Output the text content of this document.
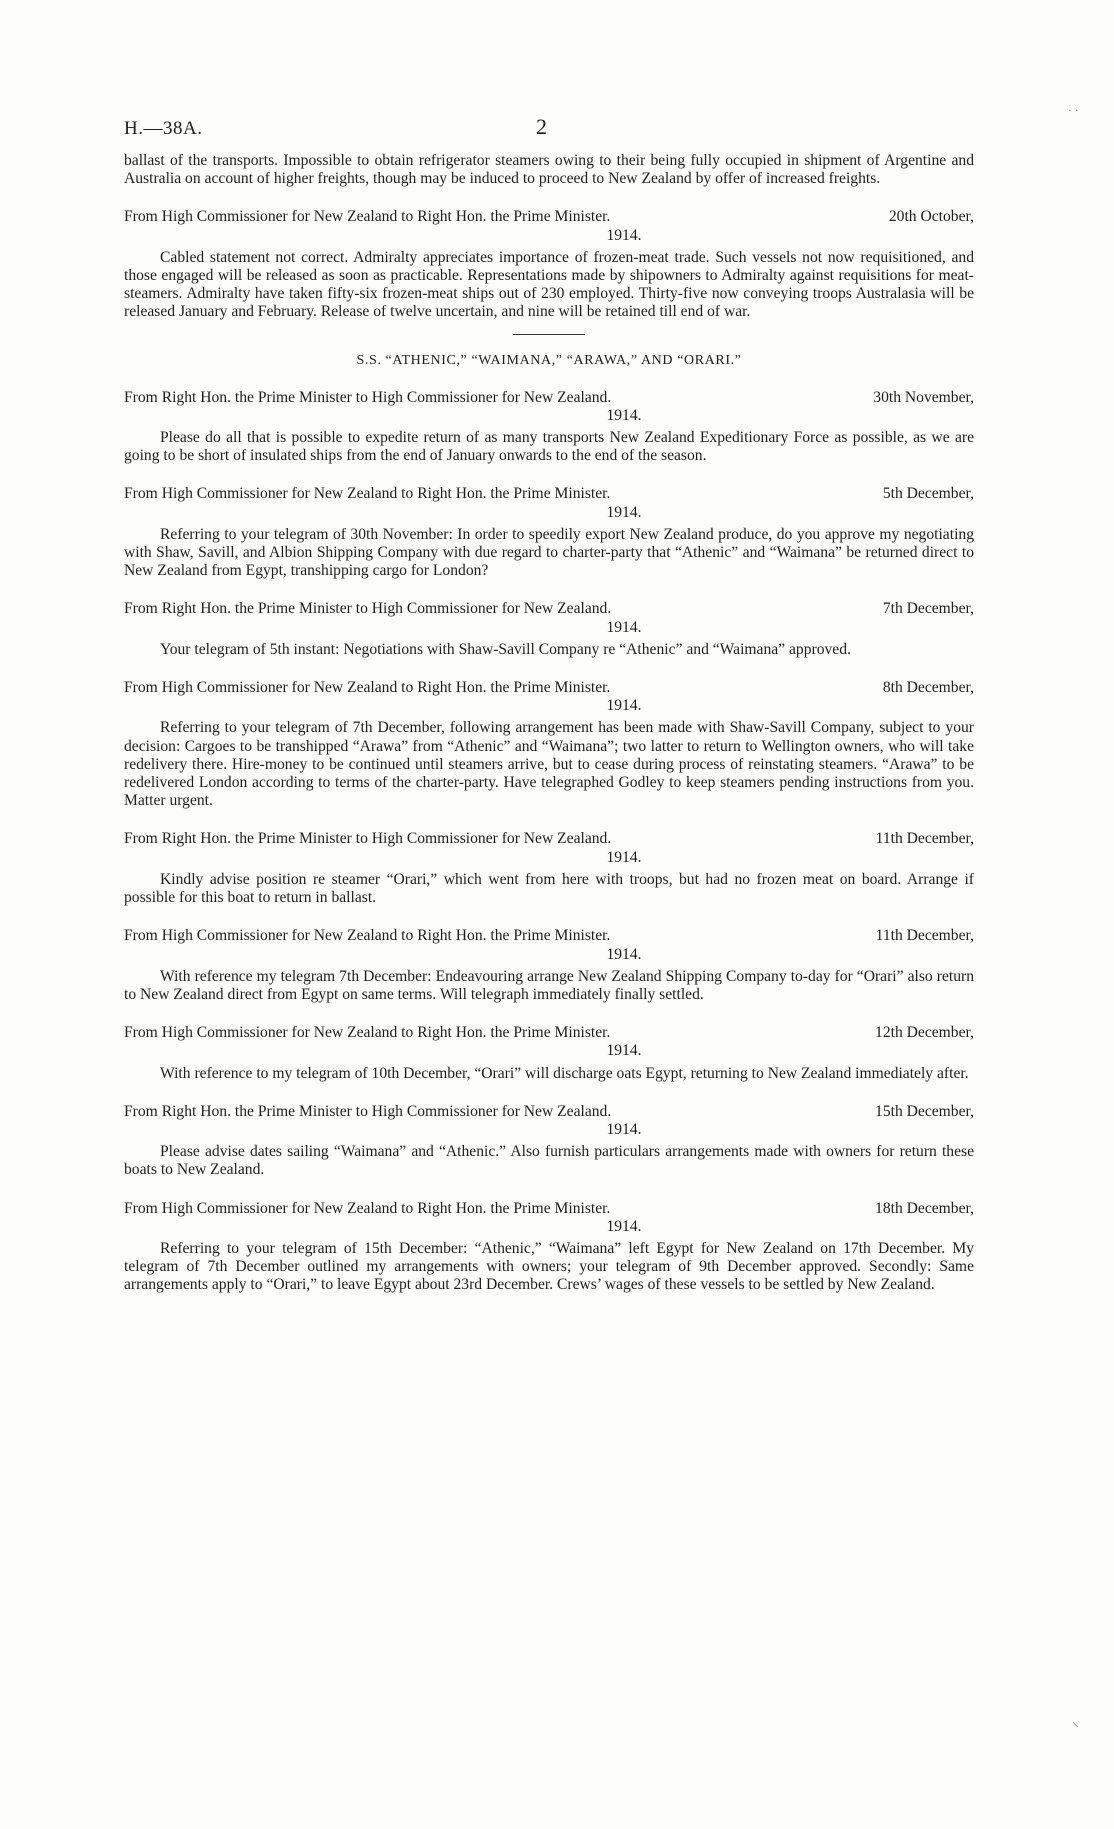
H.—38A.	2

ballast of the transports. Impossible to obtain refrigerator steamers owing to their being fully occupied in shipment of Argentine and Australia on account of higher freights, though may be induced to proceed to New Zealand by offer of increased freights.

From High Commissioner for New Zealand to Right Hon. the Prime Minister.	20th October,

1914.

Cabled statement not correct. Admiralty appreciates importance of frozen-meat trade. Such vessels not now requisitioned, and those engaged will be released as soon as practicable. Representations made by shipowners to Admiralty against requisitions for meat-steamers. Admiralty have taken fifty-six frozen-meat ships out of 230 employed. Thirty-five now conveying troops Australasia will be released January and February. Release of twelve uncertain, and nine will be retained till end of war.

S.S. “ATHENIC,” “WAIMANA,” “ARAWA,” AND “ORARI.”

From Right Hon. the Prime Minister to High Commissioner for New Zealand.	30th November,

1914.

Please do all that is possible to expedite return of as many transports New Zealand Expeditionary Force as possible, as we are going to be short of insulated ships from the end of January onwards to the end of the season.

From High Commissioner for New Zealand to Right Hon. the Prime Minister.	5th December,

1914.

Referring to your telegram of 30th November: In order to speedily export New Zealand produce, do you approve my negotiating with Shaw, Savill, and Albion Shipping Company with due regard to charter-party that “Athenic” and “Waimana” be returned direct to New Zealand from Egypt, transhipping cargo for London?

From Right Hon. the Prime Minister to High Commissioner for New Zealand.	7th December,

1914.

Your telegram of 5th instant: Negotiations with Shaw-Savill Company re “Athenic” and “Waimana” approved.

From High Commissioner for New Zealand to Right Hon. the Prime Minister.	8th December,

1914.

Referring to your telegram of 7th December, following arrangement has been made with Shaw-Savill Company, subject to your decision: Cargoes to be transhipped “Arawa” from “Athenic” and “Waimana”; two latter to return to Wellington owners, who will take redelivery there. Hire-money to be continued until steamers arrive, but to cease during process of reinstating steamers. “Arawa” to be redelivered London according to terms of the charter-party. Have telegraphed Godley to keep steamers pending instructions from you. Matter urgent.

From Right Hon. the Prime Minister to High Commissioner for New Zealand.	11th December,

1914.

Kindly advise position re steamer “Orari,” which went from here with troops, but had no frozen meat on board. Arrange if possible for this boat to return in ballast.

From High Commissioner for New Zealand to Right Hon. the Prime Minister.	11th December,

1914.

With reference my telegram 7th December: Endeavouring arrange New Zealand Shipping Company to-day for “Orari” also return to New Zealand direct from Egypt on same terms. Will telegraph immediately finally settled.

From High Commissioner for New Zealand to Right Hon. the Prime Minister.	12th December,

1914.

With reference to my telegram of 10th December, “Orari” will discharge oats Egypt, returning to New Zealand immediately after.

From Right Hon. the Prime Minister to High Commissioner for New Zealand.	15th December,

1914.

Please advise dates sailing “Waimana” and “Athenic.” Also furnish particulars arrangements made with owners for return these boats to New Zealand.

From High Commissioner for New Zealand to Right Hon. the Prime Minister.	18th December,

1914.

Referring to your telegram of 15th December: “Athenic,” “Waimana” left Egypt for New Zealand on 17th December. My telegram of 7th December outlined my arrangements with owners; your telegram of 9th December approved. Secondly: Same arrangements apply to “Orari,” to leave Egypt about 23rd December. Crews’ wages of these vessels to be settled by New Zealand.

· ·
⸌
